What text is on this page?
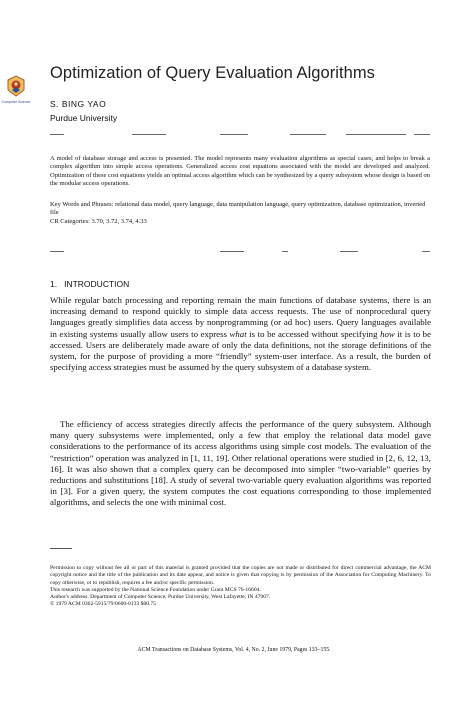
Computer Science
Optimization of Query Evaluation Algorithms
S. BING YAO
Purdue University
A model of database storage and access is presented. The model represents many evaluation algorithms as special cases, and helps to break a complex algorithm into simple access operations. Generalized access cost equations associated with the model are developed and analyzed. Optimization of these cost equations yields an optimal access algorithm which can be synthesized by a query subsystem whose design is based on the modular access operations.
Key Words and Phrases: relational data model, query language, data manipulation language, query optimization, database optimization, inverted file
CR Categories: 3.70, 3.72, 3.74, 4.33
1. INTRODUCTION

While regular batch processing and reporting remain the main functions of database systems, there is an increasing demand to respond quickly to simple data access requests. The use of nonprocedural query languages greatly simplifies data access by nonprogramming (or ad hoc) users. Query languages available in existing systems usually allow users to express what is to be accessed without specifying how it is to be accessed. Users are deliberately made aware of only the data definitions, not the storage definitions of the system, for the purpose of providing a more “friendly” system-user interface. As a result, the burden of specifying access strategies must be assumed by the query subsystem of a database system.

The efficiency of access strategies directly affects the performance of the query subsystem. Although many query subsystems were implemented, only a few that employ the relational data model gave considerations to the performance of its access algorithms using simple cost models. The evaluation of the “restriction” operation was analyzed in [1, 11, 19]. Other relational operations were studied in [2, 6, 12, 13, 16]. It was also shown that a complex query can be decomposed into simpler “two-variable” queries by reductions and substitutions [18]. A study of several two-variable query evaluation algorithms was reported in [3]. For a given query, the system computes the cost equations corresponding to those implemented algorithms, and selects the one with minimal cost.

Permission to copy without fee all or part of this material is granted provided that the copies are not made or distributed for direct commercial advantage, the ACM copyright notice and the title of the publication and its date appear, and notice is given that copying is by permission of the Association for Computing Machinery. To copy otherwise, or to republish, requires a fee and/or specific permission.
This research was supported by the National Science Foundation under Grant MCS 76-16604.
Author's address: Department of Computer Science, Purdue University, West Lafayette, IN 47907.
© 1979 ACM 0362-5915/79/0600-0133 $00.75
ACM Transactions on Database Systems, Vol. 4, No. 2, June 1979, Pages 133–155.
